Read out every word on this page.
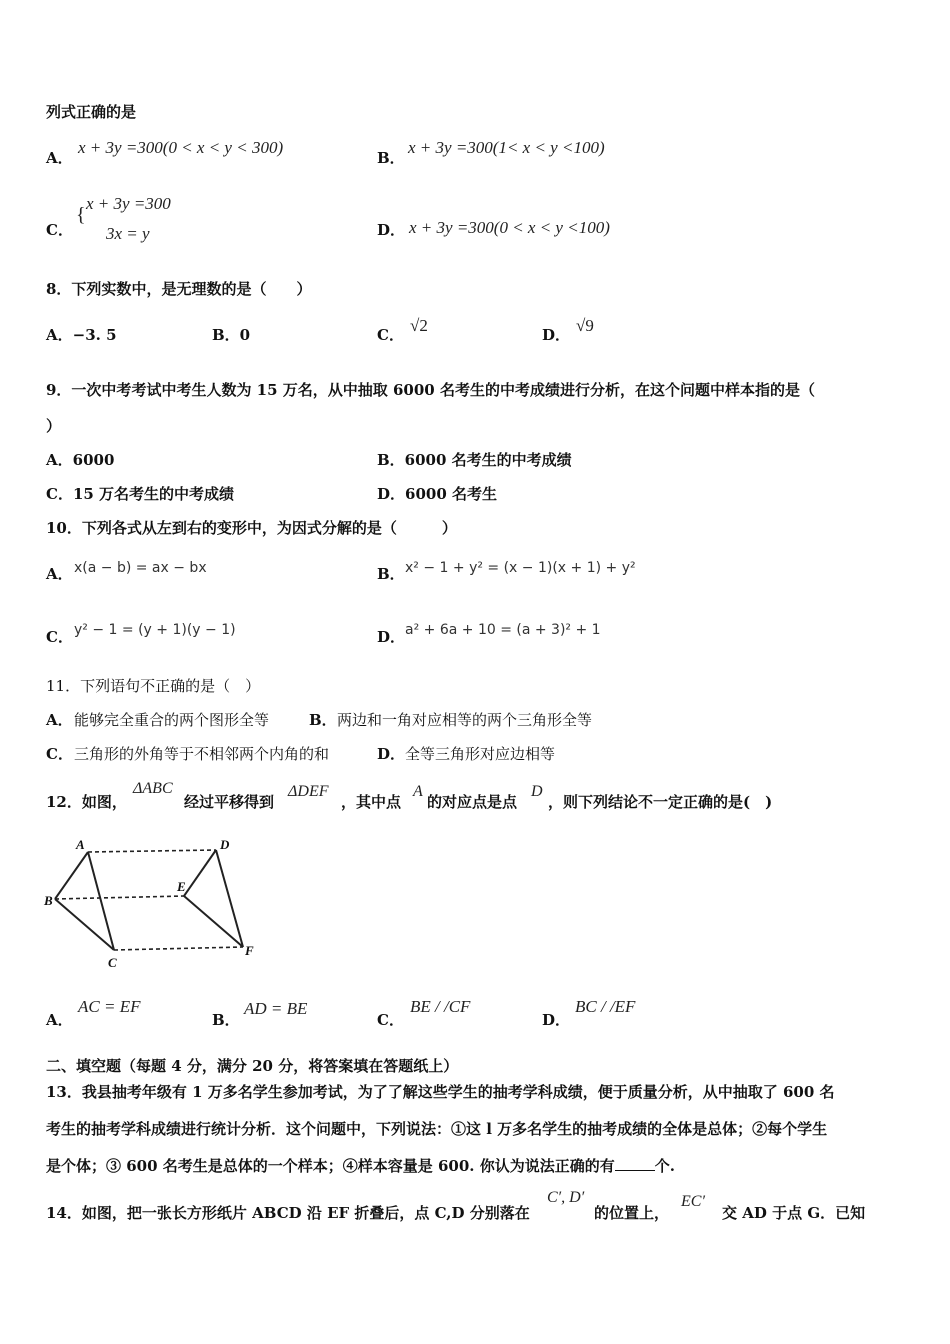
列式正确的是
A．
x + 3y =300(0 < x < y < 300)
B．
x + 3y =300(1< x < y <100)
C．
{
x + 3y =300
3x = y	D． x + 3y =300(0 < x < y <100)
8．下列实数中，是无理数的是（　　）
A．−3. 5	B．0	C． √2	D． √9
9．一次中考考试中考生人数为 15 万名，从中抽取 6000 名考生的中考成绩进行分析，在这个问题中样本指的是（
）
A．6000	B．6000 名考生的中考成绩
C．15 万名考生的中考成绩	D．6000 名考生
10．下列各式从左到右的变形中，为因式分解的是（　　　）
A． x(a − b) = ax − bx	B． x² − 1 + y² = (x − 1)(x + 1) + y²
C． y² − 1 = (y + 1)(y − 1)	D． a² + 6a + 10 = (a + 3)² + 1
11．下列语句不正确的是（　）
A． 能够完全重合的两个图形全等	B． 两边和一角对应相等的两个三角形全等
C． 三角形的外角等于不相邻两个内角的和	D． 全等三角形对应边相等
12．如图，
ΔABC
经过平移得到
ΔDEF
，其中点
A
的对应点是点
D
，则下列结论不一定正确的是(　)
A
B
C
D
E
F
A．
AC = EF
B．
AD = BE
C．
BE / /CF
D．
BC / /EF
二、填空题（每题 4 分，满分 20 分，将答案填在答题纸上）
13．我县抽考年级有 1 万多名学生参加考试，为了了解这些学生的抽考学科成绩，便于质量分析，从中抽取了 600 名
考生的抽考学科成绩进行统计分析．这个问题中，下列说法：①这 l 万多名学生的抽考成绩的全体是总体；②每个学生
是个体；③ 600 名考生是总体的一个样本；④样本容量是 600. 你认为说法正确的有	个.
14．如图，把一张长方形纸片 ABCD 沿 EF 折叠后，点 C,D 分别落在
C′, D′
的位置上，
EC′
交 AD 于点 G．已知
